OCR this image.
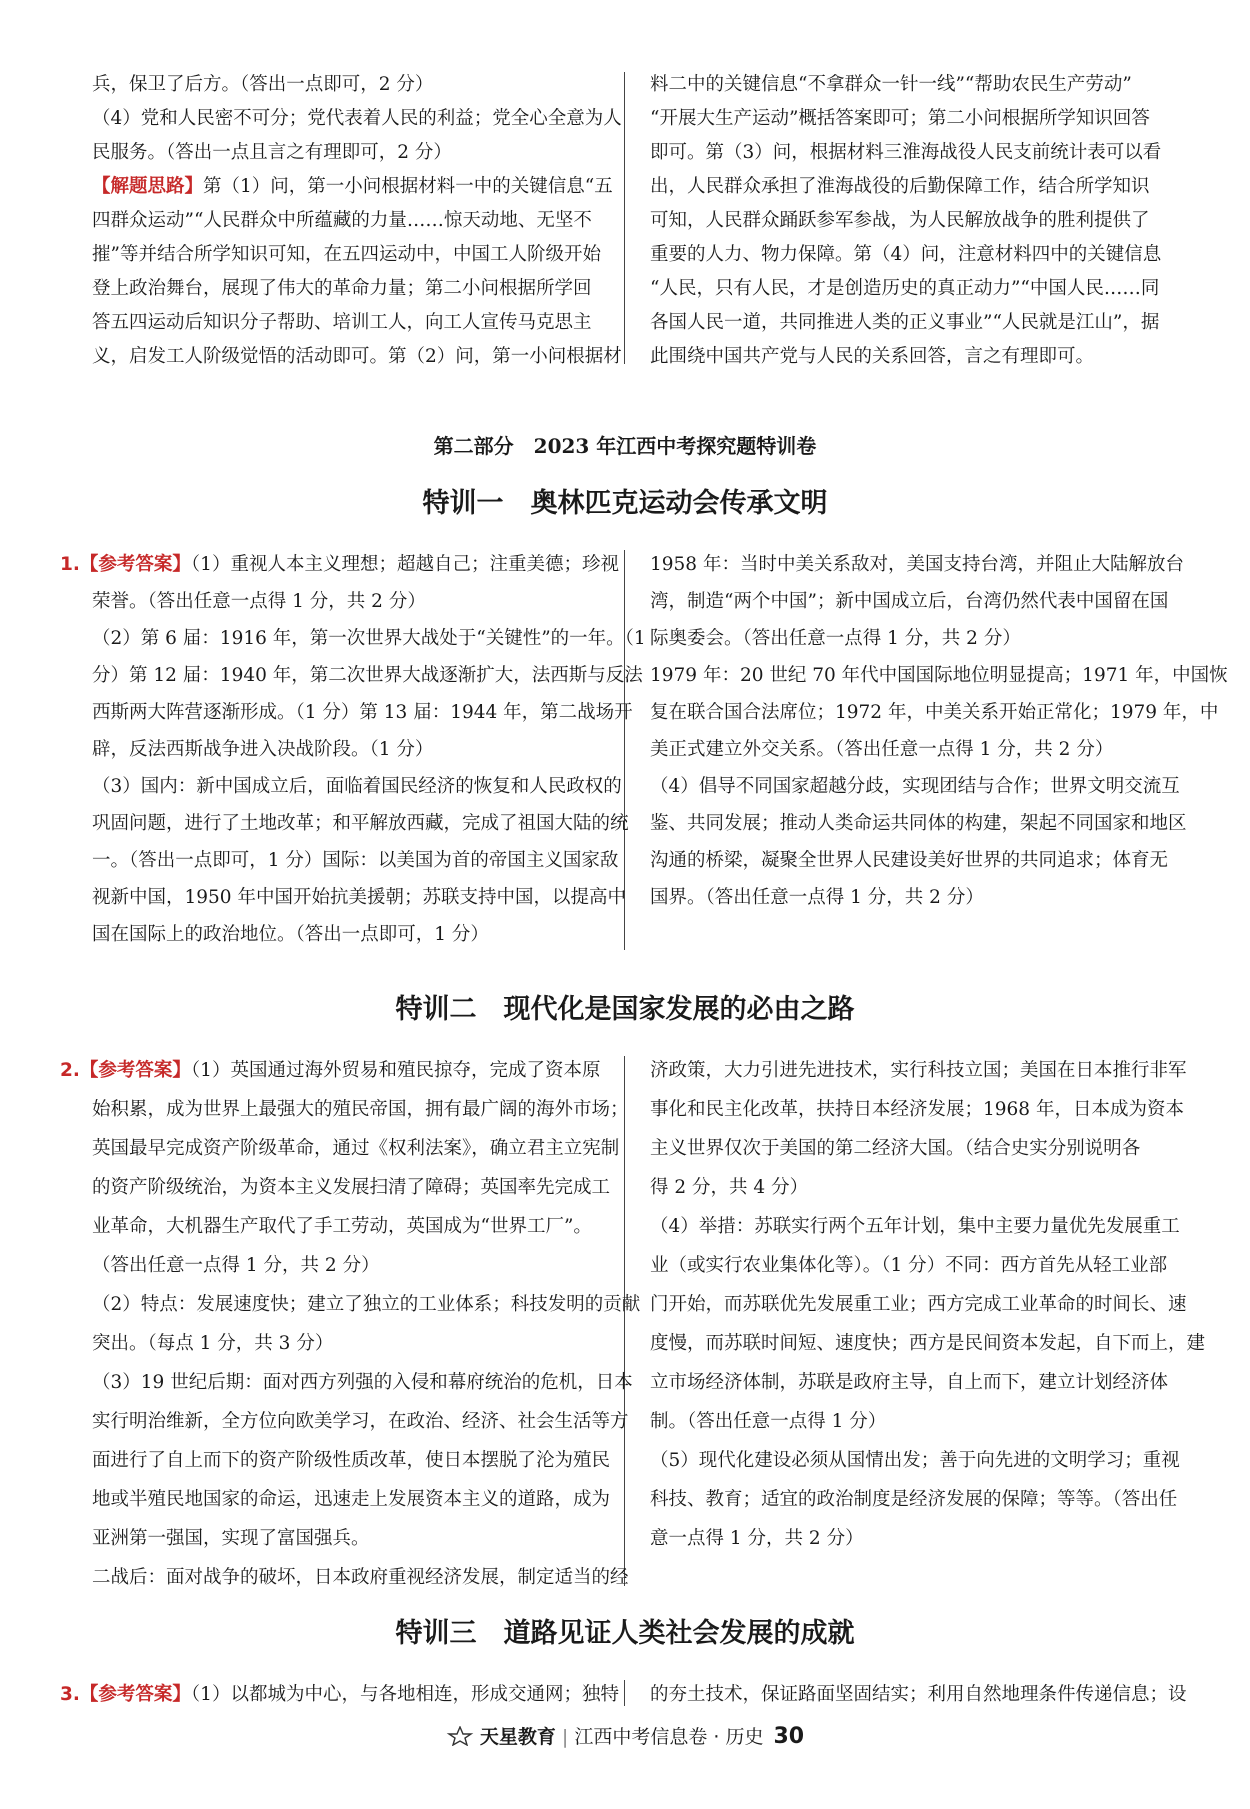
兵，保卫了后方。（答出一点即可，2 分）
（4）党和人民密不可分；党代表着人民的利益；党全心全意为人
民服务。（答出一点且言之有理即可，2 分）
【解题思路】第（1）问，第一小问根据材料一中的关键信息“五
四群众运动”“人民群众中所蕴藏的力量……惊天动地、无坚不
摧”等并结合所学知识可知，在五四运动中，中国工人阶级开始
登上政治舞台，展现了伟大的革命力量；第二小问根据所学回
答五四运动后知识分子帮助、培训工人，向工人宣传马克思主
义，启发工人阶级觉悟的活动即可。第（2）问，第一小问根据材
料二中的关键信息“不拿群众一针一线”“帮助农民生产劳动”
“开展大生产运动”概括答案即可；第二小问根据所学知识回答
即可。第（3）问，根据材料三淮海战役人民支前统计表可以看
出，人民群众承担了淮海战役的后勤保障工作，结合所学知识
可知，人民群众踊跃参军参战，为人民解放战争的胜利提供了
重要的人力、物力保障。第（4）问，注意材料四中的关键信息
“人民，只有人民，才是创造历史的真正动力”“中国人民……同
各国人民一道，共同推进人类的正义事业”“人民就是江山”，据
此围绕中国共产党与人民的关系回答，言之有理即可。
第二部分　2023 年江西中考探究题特训卷
特训一　奥林匹克运动会传承文明
1.【参考答案】（1）重视人本主义理想；超越自己；注重美德；珍视
荣誉。（答出任意一点得 1 分，共 2 分）
（2）第 6 届：1916 年，第一次世界大战处于“关键性”的一年。（1
分）第 12 届：1940 年，第二次世界大战逐渐扩大，法西斯与反法
西斯两大阵营逐渐形成。（1 分）第 13 届：1944 年，第二战场开
辟，反法西斯战争进入决战阶段。（1 分）
（3）国内：新中国成立后，面临着国民经济的恢复和人民政权的
巩固问题，进行了土地改革；和平解放西藏，完成了祖国大陆的统
一。（答出一点即可，1 分）国际：以美国为首的帝国主义国家敌
视新中国，1950 年中国开始抗美援朝；苏联支持中国，以提高中
国在国际上的政治地位。（答出一点即可，1 分）
1958 年：当时中美关系敌对，美国支持台湾，并阻止大陆解放台
湾，制造“两个中国”；新中国成立后，台湾仍然代表中国留在国
际奥委会。（答出任意一点得 1 分，共 2 分）
1979 年：20 世纪 70 年代中国国际地位明显提高；1971 年，中国恢
复在联合国合法席位；1972 年，中美关系开始正常化；1979 年，中
美正式建立外交关系。（答出任意一点得 1 分，共 2 分）
（4）倡导不同国家超越分歧，实现团结与合作；世界文明交流互
鉴、共同发展；推动人类命运共同体的构建，架起不同国家和地区
沟通的桥梁，凝聚全世界人民建设美好世界的共同追求；体育无
国界。（答出任意一点得 1 分，共 2 分）
特训二　现代化是国家发展的必由之路
2.【参考答案】（1）英国通过海外贸易和殖民掠夺，完成了资本原
始积累，成为世界上最强大的殖民帝国，拥有最广阔的海外市场；
英国最早完成资产阶级革命，通过《权利法案》，确立君主立宪制
的资产阶级统治，为资本主义发展扫清了障碍；英国率先完成工
业革命，大机器生产取代了手工劳动，英国成为“世界工厂”。
（答出任意一点得 1 分，共 2 分）
（2）特点：发展速度快；建立了独立的工业体系；科技发明的贡献
突出。（每点 1 分，共 3 分）
（3）19 世纪后期：面对西方列强的入侵和幕府统治的危机，日本
实行明治维新，全方位向欧美学习，在政治、经济、社会生活等方
面进行了自上而下的资产阶级性质改革，使日本摆脱了沦为殖民
地或半殖民地国家的命运，迅速走上发展资本主义的道路，成为
亚洲第一强国，实现了富国强兵。
二战后：面对战争的破坏，日本政府重视经济发展，制定适当的经
济政策，大力引进先进技术，实行科技立国；美国在日本推行非军
事化和民主化改革，扶持日本经济发展；1968 年，日本成为资本
主义世界仅次于美国的第二经济大国。（结合史实分别说明各
得 2 分，共 4 分）
（4）举措：苏联实行两个五年计划，集中主要力量优先发展重工
业（或实行农业集体化等）。（1 分）不同：西方首先从轻工业部
门开始，而苏联优先发展重工业；西方完成工业革命的时间长、速
度慢，而苏联时间短、速度快；西方是民间资本发起，自下而上，建
立市场经济体制，苏联是政府主导，自上而下，建立计划经济体
制。（答出任意一点得 1 分）
（5）现代化建设必须从国情出发；善于向先进的文明学习；重视
科技、教育；适宜的政治制度是经济发展的保障；等等。（答出任
意一点得 1 分，共 2 分）
特训三　道路见证人类社会发展的成就
3.【参考答案】（1）以都城为中心，与各地相连，形成交通网；独特 的夯土技术，保证路面坚固结实；利用自然地理条件传递信息；设
天星教育 | 江西中考信息卷 · 历史 30
